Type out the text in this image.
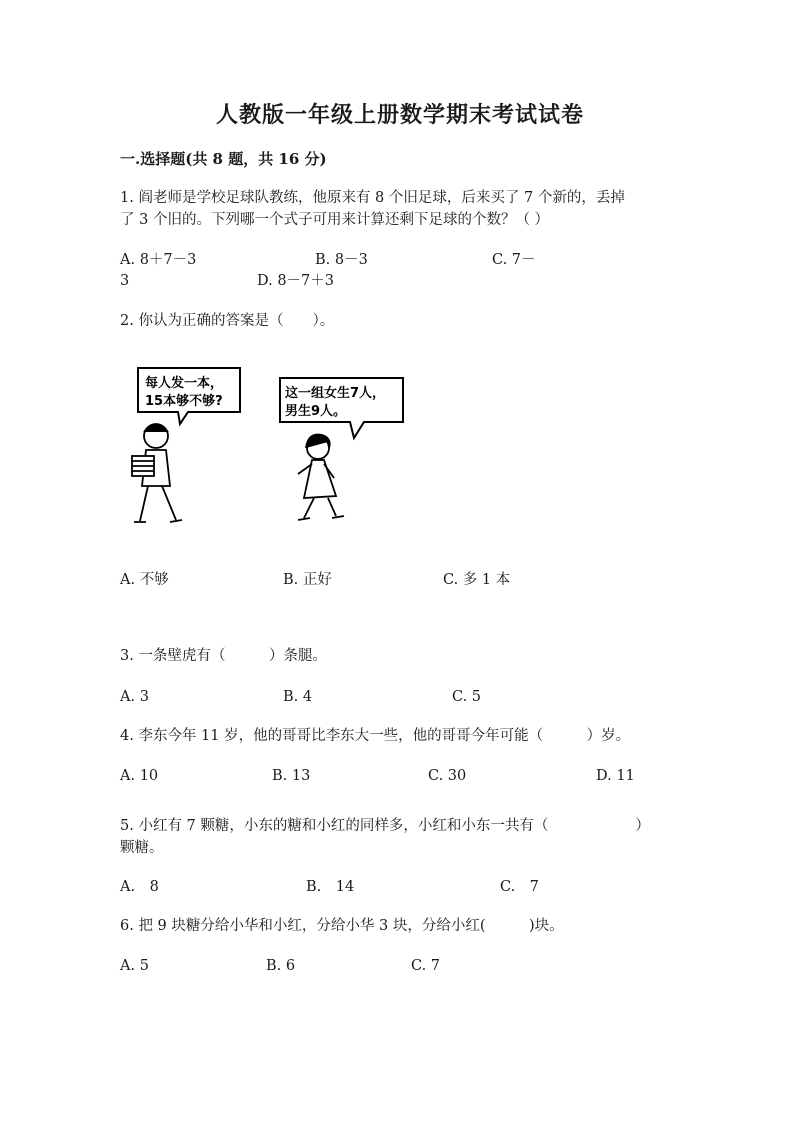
人教版一年级上册数学期末考试试卷
一.选择题(共 8 题，共 16 分)
1. 阎老师是学校足球队教练，他原来有 8 个旧足球，后来买了 7 个新的，丢掉
了 3 个旧的。下列哪一个式子可用来计算还剩下足球的个数？（ ）
A. 8＋7－3	B. 8－3	C. 7－
3	D. 8－7＋3
2. 你认为正确的答案是（　　）。
每人发一本，
15本够不够?
这一组女生7人，
男生9人。
A. 不够	B. 正好	C. 多 1 本
3. 一条壁虎有（　　　）条腿。
A. 3	B. 4	C. 5
4. 李东今年 11 岁，他的哥哥比李东大一些，他的哥哥今年可能（　　　）岁。
A. 10	B. 13	C. 30	D. 11
5. 小红有 7 颗糖，小东的糖和小红的同样多，小红和小东一共有（　　　　　　）
颗糖。
A.　8	B.　14	C.　7
6. 把 9 块糖分给小华和小红，分给小华 3 块，分给小红(　　　)块。
A. 5	B. 6	C. 7
